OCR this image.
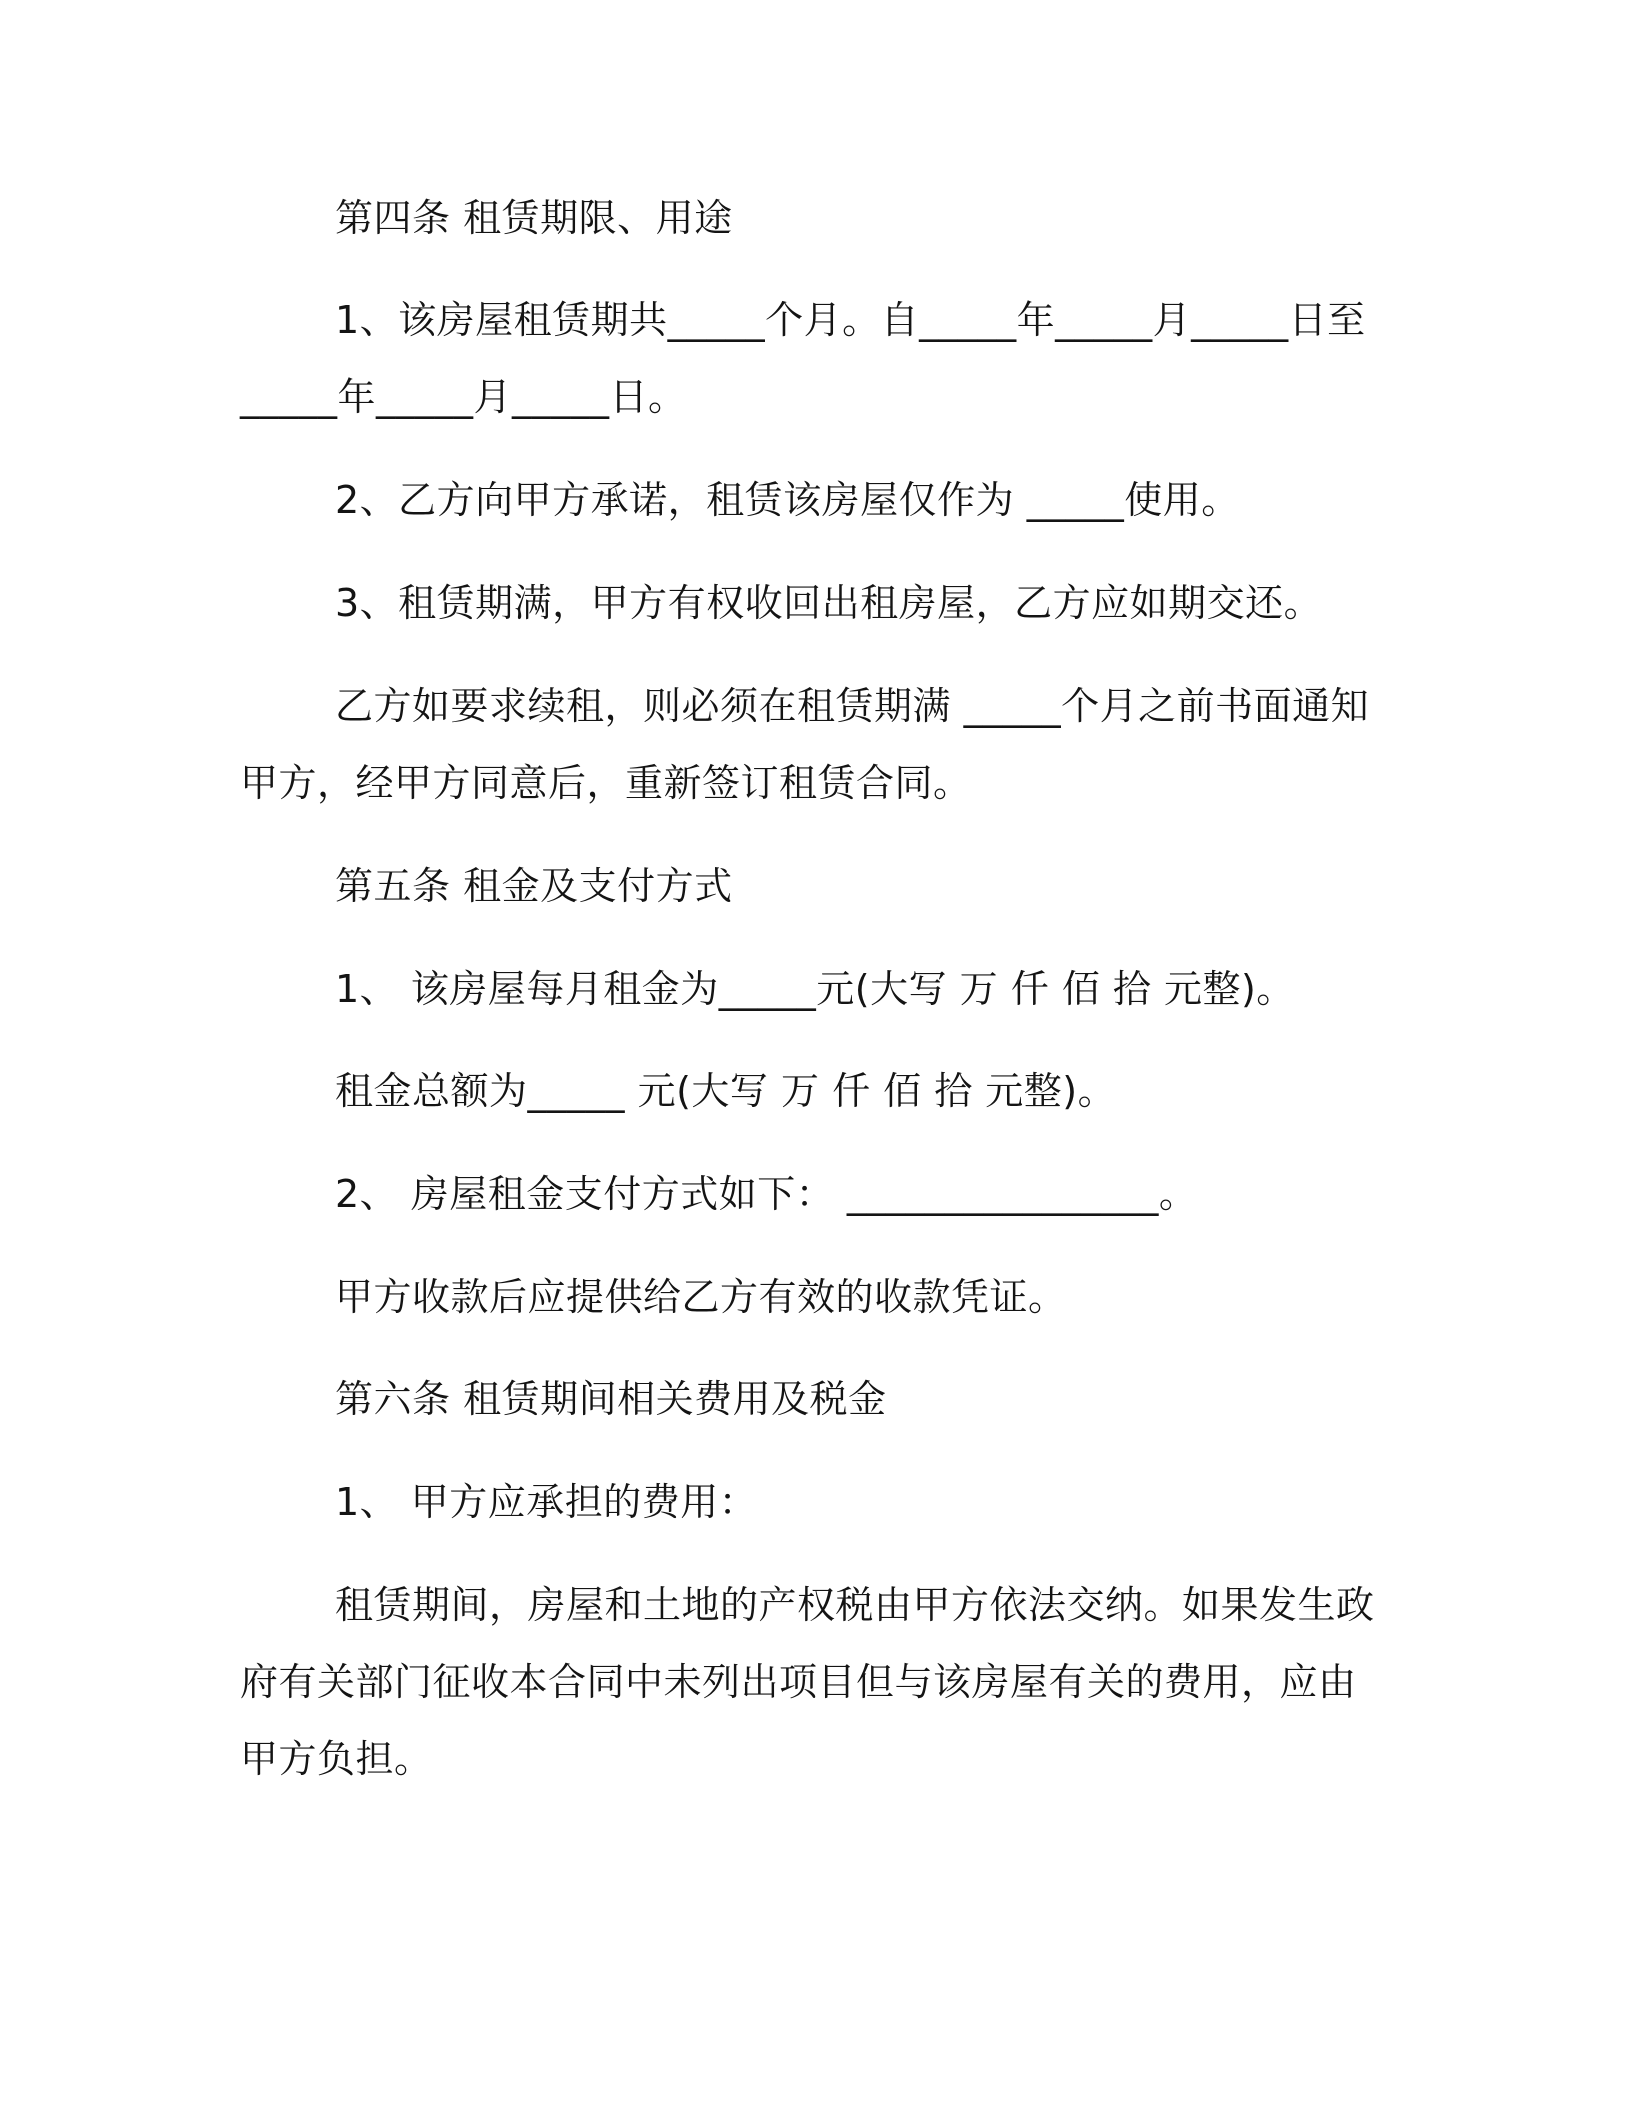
第四条 租赁期限、用途

1、该房屋租赁期共_____个月。自_____年_____月_____日至_____年_____月_____日。

2、乙方向甲方承诺，租赁该房屋仅作为 _____使用。

3、租赁期满，甲方有权收回出租房屋，乙方应如期交还。

乙方如要求续租，则必须在租赁期满 _____个月之前书面通知甲方，经甲方同意后，重新签订租赁合同。

第五条 租金及支付方式

1、 该房屋每月租金为_____元(大写 万 仟 佰 拾 元整)。

租金总额为_____ 元(大写 万 仟 佰 拾 元整)。

2、 房屋租金支付方式如下： ________________。

甲方收款后应提供给乙方有效的收款凭证。

第六条 租赁期间相关费用及税金

1、 甲方应承担的费用：

租赁期间，房屋和土地的产权税由甲方依法交纳。如果发生政府有关部门征收本合同中未列出项目但与该房屋有关的费用，应由甲方负担。
